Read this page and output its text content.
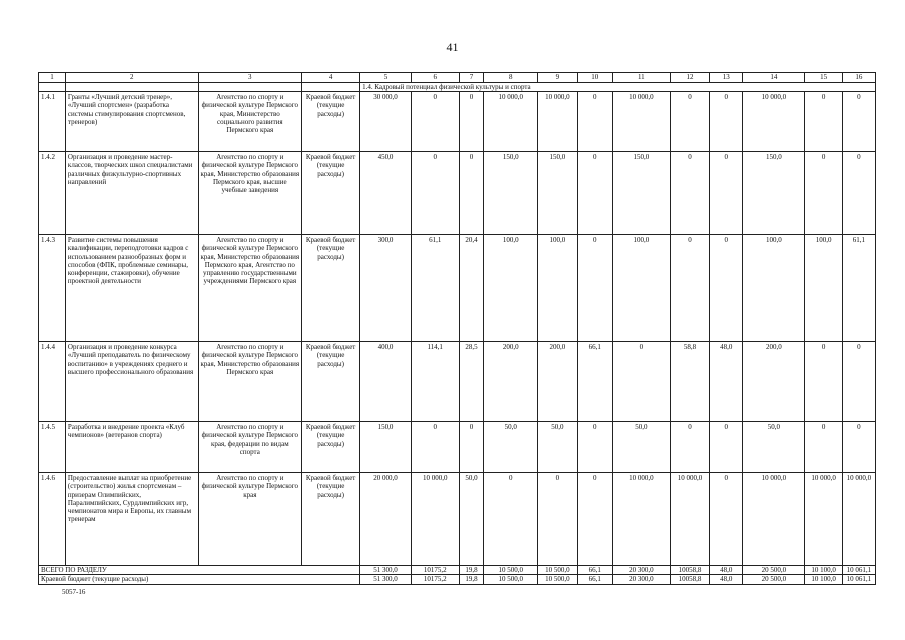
41
1	2	3	4	5	6	7	8	9	10	11	12	13	14	15	16
				1.4. Кадровый потенциал физической культуры и спорта											
1.4.1	Гранты «Лучший детский тренер», «Лучший спортсмен» (разработка системы стимулирования спортсменов, тренеров)	Агентство по спорту и физической культуре Пермского края, Министерство социального развития Пермского края	Краевой бюджет (текущие расходы)	30 000,0	0	0	10 000,0	10 000,0	0	10 000,0	0	0	10 000,0	0	0
1.4.2	Организация и проведение мастер-классов, творческих школ специалистами различных физкультурно-спортивных направлений	Агентство по спорту и физической культуре Пермского края, Министерство образования Пермского края, высшие учебные заведения	Краевой бюджет (текущие расходы)	450,0	0	0	150,0	150,0	0	150,0	0	0	150,0	0	0
1.4.3	Развитие системы повышения квалификации, переподготовки кадров с использованием разнообразных форм и способов (ФПК, проблемные семинары, конференции, стажировки), обучение проектной деятельности	Агентство по спорту и физической культуре Пермского края, Министерство образования Пермского края, Агентство по управлению государственными учреждениями Пермского края	Краевой бюджет (текущие расходы)	300,0	61,1	20,4	100,0	100,0	0	100,0	0	0	100,0	100,0	61,1
1.4.4	Организация и проведение конкурса «Лучший преподаватель по физическому воспитанию» в учреждениях среднего и высшего профессионального образования	Агентство по спорту и физической культуре Пермского края, Министерство образования Пермского края	Краевой бюджет (текущие расходы)	400,0	114,1	28,5	200,0	200,0	66,1	0	58,8	48,0	200,0	0	0
1.4.5	Разработка и внедрение проекта «Клуб чемпионов» (ветеранов спорта)	Агентство по спорту и физической культуре Пермского края, федерации по видам спорта	Краевой бюджет (текущие расходы)	150,0	0	0	50,0	50,0	0	50,0	0	0	50,0	0	0
1.4.6	Предоставление выплат на приобретение (строительство) жилья спортсменам – призерам Олимпийских, Паралимпийских, Сурдлимпийских игр, чемпионатов мира и Европы, их главным тренерам	Агентство по спорту и физической культуре Пермского края	Краевой бюджет (текущие расходы)	20 000,0	10 000,0	50,0	0	0	0	10 000,0	10 000,0	0	10 000,0	10 000,0	10 000,0
ВСЕГО ПО РАЗДЕЛУ				51 300,0	10175,2	19,8	10 500,0	10 500,0	66,1	20 300,0	10058,8	48,0	20 500,0	10 100,0	10 061,1
Краевой бюджет (текущие расходы)				51 300,0	10175,2	19,8	10 500,0	10 500,0	66,1	20 300,0	10058,8	48,0	20 500,0	10 100,0	10 061,1
5057-16
